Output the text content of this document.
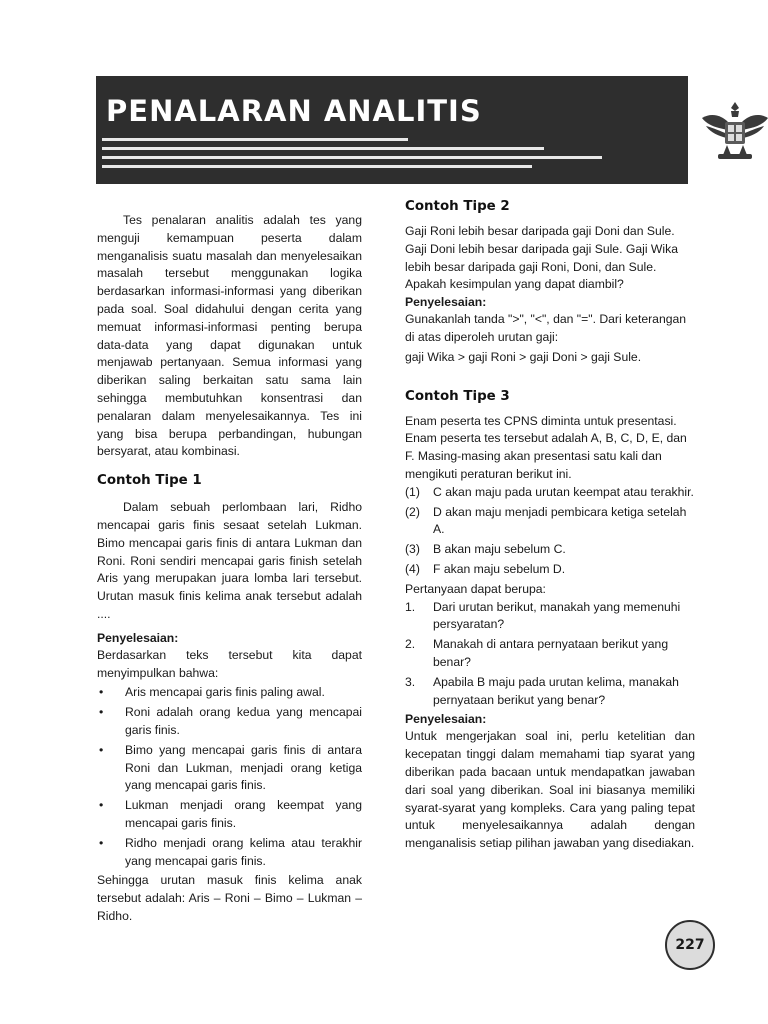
PENALARAN ANALITIS

Tes penalaran analitis adalah tes yang menguji kemampuan peserta dalam menganalisis suatu masalah dan menyelesaikan masalah tersebut menggunakan logika berdasarkan informasi-informasi yang diberikan pada soal. Soal didahului dengan cerita yang memuat informasi-informasi penting berupa data-data yang dapat digunakan untuk menjawab pertanyaan. Semua informasi yang diberikan saling berkaitan satu sama lain sehingga membutuhkan konsentrasi dan penalaran dalam menyelesaikannya. Tes ini yang bisa berupa perbandingan, hubungan bersyarat, atau kombinasi.

Contoh Tipe 1

Dalam sebuah perlombaan lari, Ridho mencapai garis finis sesaat setelah Lukman. Bimo mencapai garis finis di antara Lukman dan Roni. Roni sendiri mencapai garis finish setelah Aris yang merupakan juara lomba lari tersebut. Urutan masuk finis kelima anak tersebut adalah ....

Penyelesaian:

Berdasarkan teks tersebut kita dapat menyimpulkan bahwa:

• Aris mencapai garis finis paling awal.
• Roni adalah orang kedua yang mencapai garis finis.
• Bimo yang mencapai garis finis di antara Roni dan Lukman, menjadi orang ketiga yang mencapai garis finis.
• Lukman menjadi orang keempat yang mencapai garis finis.
• Ridho menjadi orang kelima atau terakhir yang mencapai garis finis.

Sehingga urutan masuk finis kelima anak tersebut adalah: Aris – Roni – Bimo – Lukman – Ridho.

Contoh Tipe 2

Gaji Roni lebih besar daripada gaji Doni dan Sule. Gaji Doni lebih besar daripada gaji Sule. Gaji Wika lebih besar daripada gaji Roni, Doni, dan Sule. Apakah kesimpulan yang dapat diambil?

Penyelesaian:

Gunakanlah tanda ">", "<", dan "=". Dari keterangan di atas diperoleh urutan gaji:

gaji Wika > gaji Roni > gaji Doni > gaji Sule.

Contoh Tipe 3

Enam peserta tes CPNS diminta untuk presentasi. Enam peserta tes tersebut adalah A, B, C, D, E, dan F. Masing-masing akan presentasi satu kali dan mengikuti peraturan berikut ini.

(1) C akan maju pada urutan keempat atau terakhir.
(2) D akan maju menjadi pembicara ketiga setelah A.
(3) B akan maju sebelum C.
(4) F akan maju sebelum D.

Pertanyaan dapat berupa:

1. Dari urutan berikut, manakah yang memenuhi persyaratan?
2. Manakah di antara pernyataan berikut yang benar?
3. Apabila B maju pada urutan kelima, manakah pernyataan berikut yang benar?
Penyelesaian:

Untuk mengerjakan soal ini, perlu ketelitian dan kecepatan tinggi dalam memahami tiap syarat yang diberikan pada bacaan untuk mendapatkan jawaban dari soal yang diberikan. Soal ini biasanya memiliki syarat-syarat yang kompleks. Cara yang paling tepat untuk menyelesaikannya adalah dengan menganalisis setiap pilihan jawaban yang disediakan.

227
